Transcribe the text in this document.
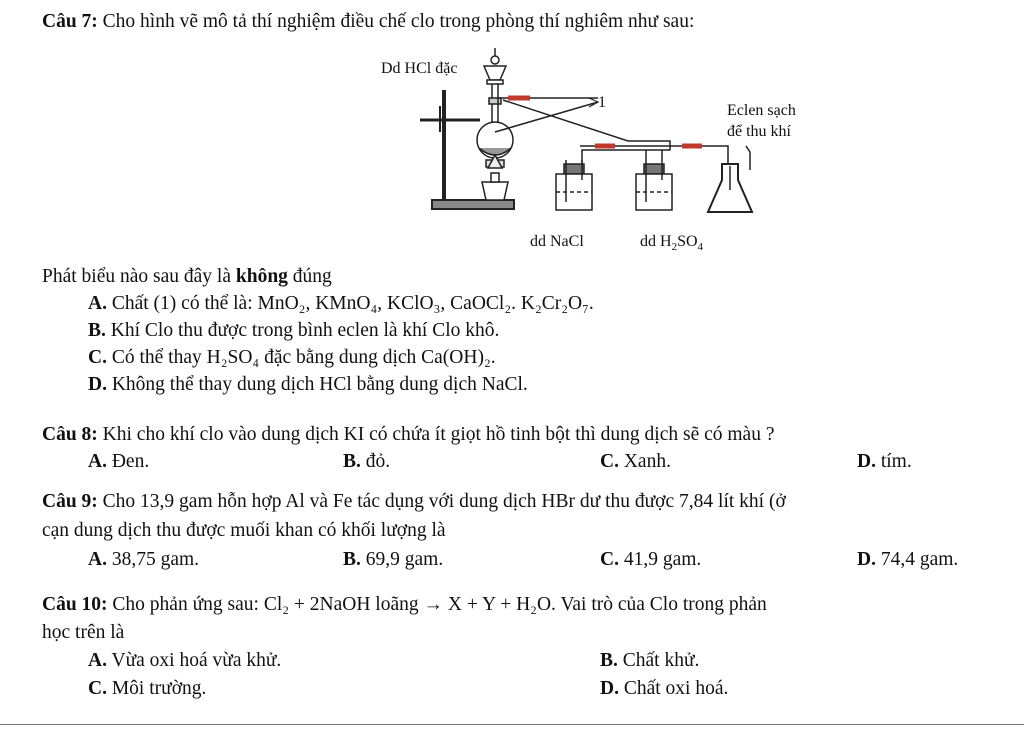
Câu 7: Cho hình vẽ mô tả thí nghiệm điều chế clo trong phòng thí nghiêm như sau:
Dd HCl đặc
1	Eclen sạch
để thu khí
dd NaCl	dd $H_2SO_4$
Phát biểu nào sau đây là không đúng
A. Chất (1) có thể là: MnO₂, KMnO₄, KClO₃, CaOCl₂. K₂Cr₂O₇.
B. Khí Clo thu được trong bình eclen là khí Clo khô.
C. Có thể thay H₂SO₄ đặc bằng dung dịch Ca(OH)₂.
D. Không thể thay dung dịch HCl bằng dung dịch NaCl.
Câu 8: Khi cho khí clo vào dung dịch KI có chứa ít giọt hồ tinh bột thì dung dịch sẽ có màu ?
A. Đen.	B. đỏ.	C. Xanh.	D. tím.
Câu 9: Cho 13,9 gam hỗn hợp Al và Fe tác dụng với dung dịch HBr dư thu được 7,84 lít khí (ở
cạn dung dịch thu được muối khan có khối lượng là
A. 38,75 gam.	B. 69,9 gam.	C. 41,9 gam.	D. 74,4 gam.
Câu 10: Cho phản ứng sau: Cl₂ + 2NaOH loãng → X + Y + H₂O. Vai trò của Clo trong phản
học trên là
A. Vừa oxi hoá vừa khử.	B. Chất khử.
C. Môi trường.	D. Chất oxi hoá.
